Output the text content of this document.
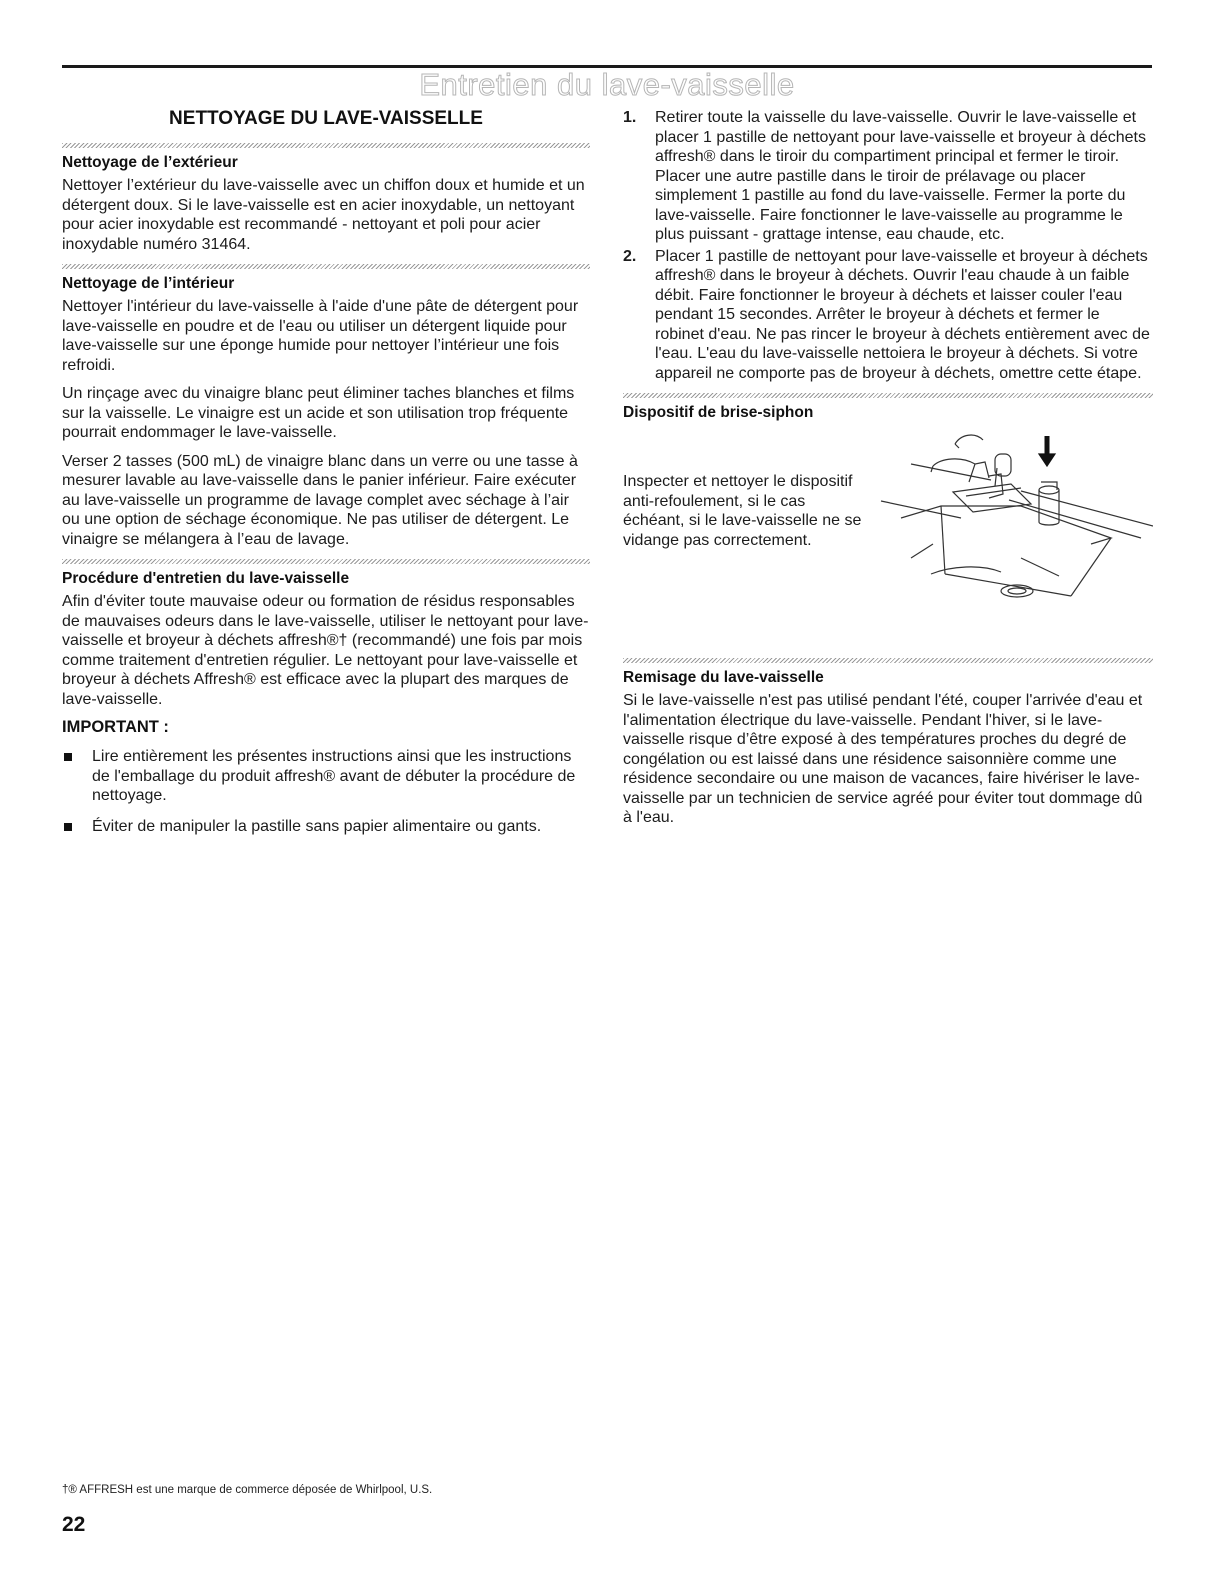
Entretien du lave-vaisselle
NETTOYAGE DU LAVE-VAISSELLE
Nettoyage de l’extérieur
Nettoyer l’extérieur du lave-vaisselle avec un chiffon doux et humide et un détergent doux. Si le lave-vaisselle est en acier inoxydable, un nettoyant pour acier inoxydable est recommandé - nettoyant et poli pour acier inoxydable numéro 31464.
Nettoyage de l’intérieur
Nettoyer l'intérieur du lave-vaisselle à l'aide d'une pâte de détergent pour lave-vaisselle en poudre et de l'eau ou utiliser un détergent liquide pour lave-vaisselle sur une éponge humide pour nettoyer l’intérieur une fois refroidi.
Un rinçage avec du vinaigre blanc peut éliminer taches blanches et films sur la vaisselle. Le vinaigre est un acide et son utilisation trop fréquente pourrait endommager le lave-vaisselle.
Verser 2 tasses (500 mL) de vinaigre blanc dans un verre ou une tasse à mesurer lavable au lave-vaisselle dans le panier inférieur. Faire exécuter au lave-vaisselle un programme de lavage complet avec séchage à l’air ou une option de séchage économique. Ne pas utiliser de détergent. Le vinaigre se mélangera à l’eau de lavage.
Procédure d'entretien du lave-vaisselle
Afin d'éviter toute mauvaise odeur ou formation de résidus responsables de mauvaises odeurs dans le lave-vaisselle, utiliser le nettoyant pour lave-vaisselle et broyeur à déchets affresh®† (recommandé) une fois par mois comme traitement d'entretien régulier. Le nettoyant pour lave-vaisselle et broyeur à déchets Affresh® est efficace avec la plupart des marques de lave-vaisselle.
IMPORTANT :
Lire entièrement les présentes instructions ainsi que les instructions de l'emballage du produit affresh® avant de débuter la procédure de nettoyage.
Éviter de manipuler la pastille sans papier alimentaire ou gants.
1. Retirer toute la vaisselle du lave-vaisselle. Ouvrir le lave-vaisselle et placer 1 pastille de nettoyant pour lave-vaisselle et broyeur à déchets affresh® dans le tiroir du compartiment principal et fermer le tiroir. Placer une autre pastille dans le tiroir de prélavage ou placer simplement 1 pastille au fond du lave-vaisselle. Fermer la porte du lave-vaisselle. Faire fonctionner le lave-vaisselle au programme le plus puissant - grattage intense, eau chaude, etc.
2. Placer 1 pastille de nettoyant pour lave-vaisselle et broyeur à déchets affresh® dans le broyeur à déchets. Ouvrir l'eau chaude à un faible débit. Faire fonctionner le broyeur à déchets et laisser couler l'eau pendant 15 secondes. Arrêter le broyeur à déchets et fermer le robinet d'eau. Ne pas rincer le broyeur à déchets entièrement avec de l'eau. L'eau du lave-vaisselle nettoiera le broyeur à déchets. Si votre appareil ne comporte pas de broyeur à déchets, omettre cette étape.
Dispositif de brise-siphon
Inspecter et nettoyer le dispositif anti-refoulement, si le cas échéant, si le lave-vaisselle ne se vidange pas correctement.
Remisage du lave-vaisselle
Si le lave-vaisselle n'est pas utilisé pendant l'été, couper l'arrivée d'eau et l'alimentation électrique du lave-vaisselle. Pendant l'hiver, si le lave-vaisselle risque d’être exposé à des températures proches du degré de congélation ou est laissé dans une résidence saisonnière comme une résidence secondaire ou une maison de vacances, faire hivériser le lave-vaisselle par un technicien de service agréé pour éviter tout dommage dû à l'eau.
†® AFFRESH est une marque de commerce déposée de Whirlpool, U.S.
22
